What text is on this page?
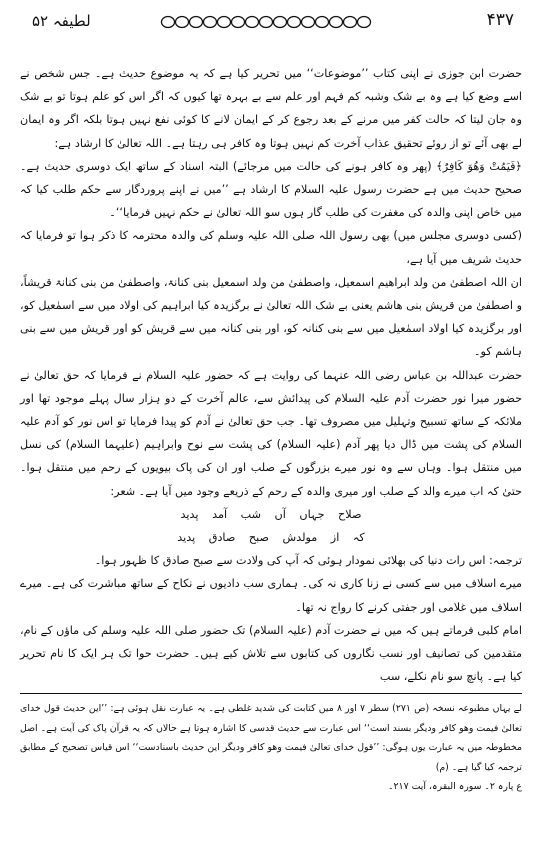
لطیفہ ۵۲	۴۳۷

حضرت ابن جوزی نے اپنی کتاب ’’موضوعات‘‘ میں تحریر کیا ہے کہ یہ موضوع حدیث ہے۔ جس شخص نے اسے وضع کیا ہے وہ بے شک وشبہ کم فہم اور علم سے بے بہرہ تھا کیوں کہ اگر اس کو علم ہوتا تو بے شک وہ جان لیتا کہ حالت کفر میں مرنے کے بعد رجوع کر کے ایمان لانے کا کوئی نفع نہیں ہوتا بلکہ اگر وہ ایمان لے بھی آئے تو از روئے تحقیق عذاب آخرت کم نہیں ہوتا وہ کافر ہی رہتا ہے۔ اللہ تعالیٰ کا ارشاد ہے:

﴿فَيَمُتْ وَهُوَ كَافِرٌ﴾ (پھر وہ کافر ہونے کی حالت میں مرجائے) البتہ اسناد کے ساتھ ایک دوسری حدیث ہے۔ صحیح حدیث میں ہے حضرت رسول علیہ السلام کا ارشاد ہے ’’میں نے اپنے پروردگار سے حکم طلب کیا کہ میں خاص اپنی والدہ کی مغفرت کی طلب گار ہوں سو اللہ تعالیٰ نے حکم نہیں فرمایا‘‘۔

(کسی دوسری مجلس میں) بھی رسول اللہ صلی اللہ علیہ وسلم کی والدہ محترمہ کا ذکر ہوا تو فرمایا کہ حدیث شریف میں آیا ہے،

ان اللہ اصطفیٰ من ولد ابراھیم اسمعیل، واصطفیٰ من ولد اسمعیل بنی کنانۃ، واصطفیٰ من بنی کنانۃ قریشاً، و اصطفیٰ من قریش بنی ھاشم یعنی بے شک اللہ تعالیٰ نے برگزیدہ کیا ابراہیم کی اولاد میں سے اسمٰعیل کو، اور برگزیدہ کیا اولاد اسمٰعیل میں سے بنی کنانہ کو، اور بنی کنانہ میں سے قریش کو اور قریش میں سے بنی ہاشم کو۔

حضرت عبداللہ بن عباس رضی اللہ عنہما کی روایت ہے کہ حضور علیہ السلام نے فرمایا کہ حق تعالیٰ نے حضور میرا نور حضرت آدم علیہ السلام کی پیدائش سے، عالم آخرت کے دو ہزار سال پہلے موجود تھا اور ملائکہ کے ساتھ تسبیح وتہلیل میں مصروف تھا۔ جب حق تعالیٰ نے آدم کو پیدا فرمایا تو اس نور کو آدم علیہ السلام کی پشت میں ڈال دیا پھر آدم (علیہ السلام) کی پشت سے نوح وابراہیم (علیہما السلام) کی نسل میں منتقل ہوا۔ وہاں سے وہ نور میرے بزرگوں کے صلب اور ان کی پاک بیویوں کے رحم میں منتقل ہوا۔ حتیٰ کہ اب میرے والد کے صلب اور میری والدہ کے رحم کے ذریعے وجود میں آیا ہے۔ شعر:

صلاح جہاں آں شب آمد پدید

کہ از مولدش صبح صادق پدید

ترجمہ: اس رات دنیا کی بھلائی نمودار ہوئی کہ آپ کی ولادت سے صبح صادق کا ظہور ہوا۔

میرے اسلاف میں سے کسی نے زنا کاری نہ کی۔ ہماری سب دادیوں نے نکاح کے ساتھ مباشرت کی ہے۔ میرے اسلاف میں غلامی اور جفتی کرنے کا رواج نہ تھا۔

امام کلبی فرماتے ہیں کہ میں نے حضرت آدم (علیہ السلام) تک حضور صلی اللہ علیہ وسلم کی ماؤں کے نام، متقدمین کی تصانیف اور نسب نگاروں کی کتابوں سے تلاش کیے ہیں۔ حضرت حوا تک ہر ایک کا نام تحریر کیا ہے۔ پانچ سو نام نکلے، سب

لے یہاں مطبوعہ نسخہ (ص ۲۷۱) سطر ۷ اور ۸ میں کتابت کی شدید غلطی ہے۔ یہ عبارت نقل ہوئی ہے: ’’این حدیث قول خدای تعالیٰ فیمت وھو کافر ودیگر بسند است‘‘ اس عبارت سے حدیث قدسی کا اشارہ ہوتا ہے حالاں کہ یہ قرآن پاک کی آیت ہے۔ اصل مخطوطہ میں یہ عبارت یوں ہوگی: ’’قول خدای تعالیٰ فیمت وھو کافر ودیگر این حدیث باسنادست‘‘ اس قیاس تصحیح کے مطابق ترجمہ کیا گیا ہے۔ (م)

ع پارہ ۲۔ سورہ البقرہ، آیت ۲۱۷۔
